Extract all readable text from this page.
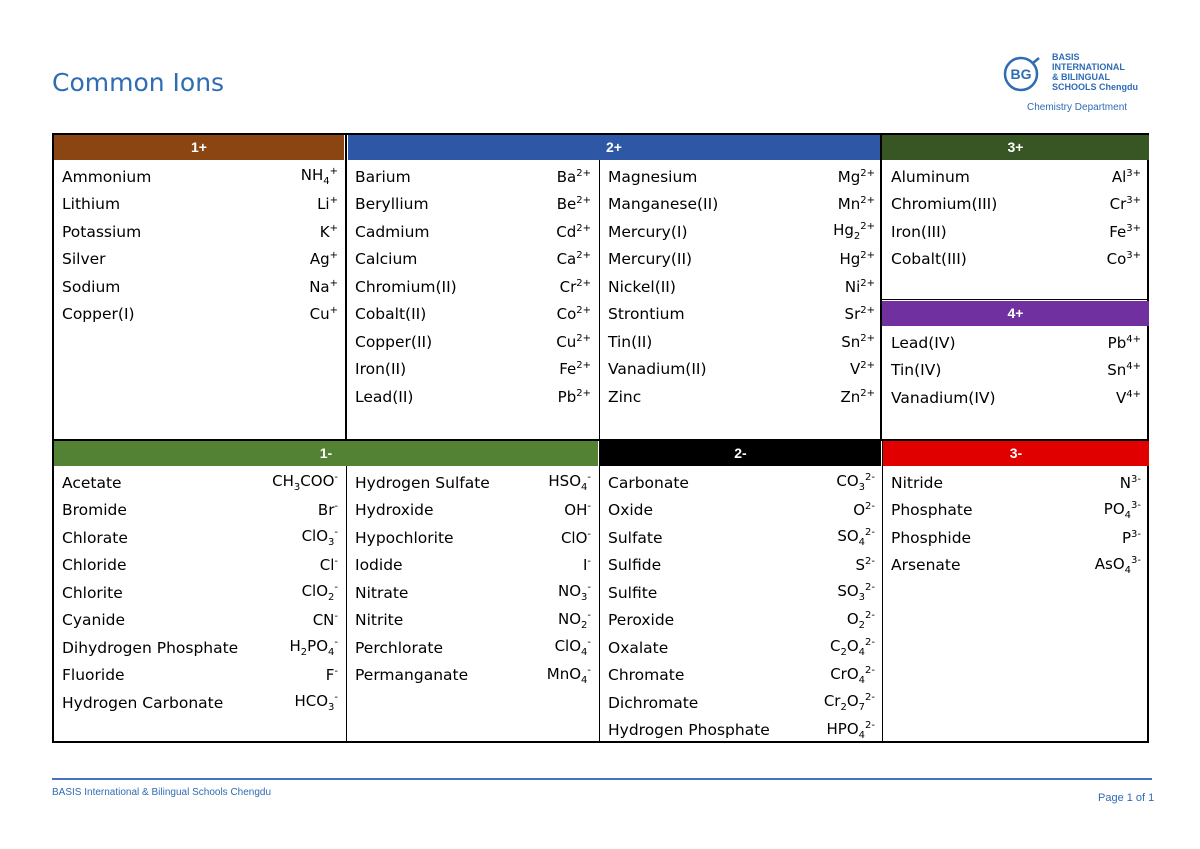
Common Ions	BG
BASIS
INTERNATIONAL
& BILINGUAL
SCHOOLS Chengdu
Chemistry Department
1+	2+	3+
4+
Ammonium	$NH_4^+$
Lithium	Li+
Potassium	K+
Silver	Ag+
Sodium	Na+
Copper(I)	Cu+
Barium	$Ba^{2+}$
Beryllium	$Be^{2+}$
Cadmium	$Cd^{2+}$
Calcium	$Ca^{2+}$
Chromium(II)	$Cr^{2+}$
Cobalt(II)	$Co^{2+}$
Copper(II)	$Cu^{2+}$
Iron(II)	$Fe^{2+}$
Lead(II)	$Pb^{2+}$
Magnesium	$Mg^{2+}$
Manganese(II)	$Mn^{2+}$
Mercury(I)	$Hg_2^{2+}$
Mercury(II)	$Hg^{2+}$
Nickel(II)	$Ni^{2+}$
Strontium	$Sr^{2+}$
Tin(II)	$Sn^{2+}$
Vanadium(II)	$V^{2+}$
Zinc	$Zn^{2+}$
Aluminum	$Al^{3+}$
Chromium(III)	$Cr^{3+}$
Iron(III)	$Fe^{3+}$
Cobalt(III)	$Co^{3+}$
Lead(IV)	$Pb^{4+}$
Tin(IV)	$Sn^{4+}$
Vanadium(IV)	$V^{4+}$
1-	2-	3-
Acetate	$CH_3COO^-$
Bromide	Br-
Chlorate	ClO$_3$-
Chloride	Cl-
Chlorite	ClO$_2$-
Cyanide	CN-
Dihydrogen Phosphate	$H_2PO_4^-$
Fluoride	F-
Hydrogen Carbonate	$HCO_3^-$
Hydrogen Sulfate	$HSO_4^-$
Hydroxide	OH-
Hypochlorite	ClO-
Iodide	I-
Nitrate	$NO_3^-$
Nitrite	$NO_2^-$
Perchlorate	ClO$_4$-
Permanganate	MnO$_4$-
Carbonate	$CO_3^{2-}$
Oxide	$O^{2-}$
Sulfate	$SO_4^{2-}$
Sulfide	$S^{2-}$
Sulfite	$SO_3^{2-}$
Peroxide	$O_2^{2-}$
Oxalate	$C_2O_4^{2-}$
Chromate	CrO$_4^{2-}$
Dichromate	$Cr_2O_7^{2-}$
Hydrogen Phosphate	$HPO_4^{2-}$
Nitride	$N^{3-}$
Phosphate	$PO_4^{3-}$
Phosphide	$P^{3-}$
Arsenate	AsO$_4^{3-}$
BASIS International & Bilingual Schools Chengdu	Page 1 of 1
